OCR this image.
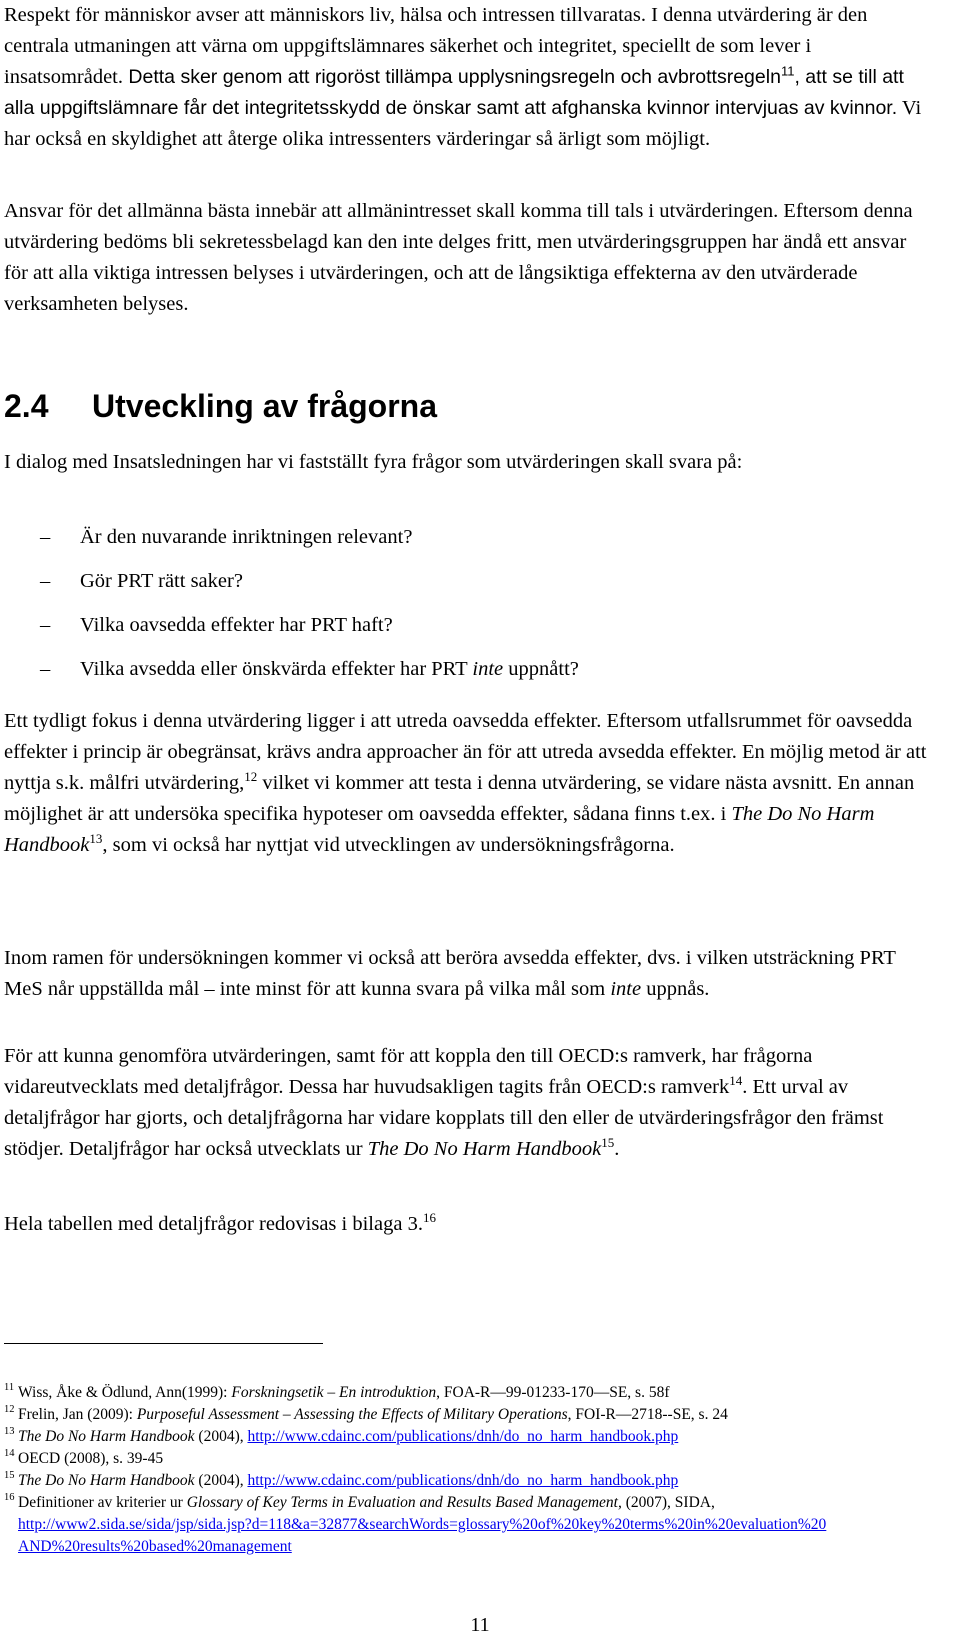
Respekt för människor avser att människors liv, hälsa och intressen tillvaratas. I denna utvärdering är den centrala utmaningen att värna om uppgiftslämnares säkerhet och integritet, speciellt de som lever i insatsområdet. Detta sker genom att rigoröst tillämpa upplysningsregeln och avbrottsregeln$^{11}$, att se till att alla uppgiftslämnare får det integritetsskydd de önskar samt att afghanska kvinnor intervjuas av kvinnor. Vi har också en skyldighet att återge olika intressenters värderingar så ärligt som möjligt.

Ansvar för det allmänna bästa innebär att allmänintresset skall komma till tals i utvärderingen. Eftersom denna utvärdering bedöms bli sekretessbelagd kan den inte delges fritt, men utvärderingsgruppen har ändå ett ansvar för att alla viktiga intressen belyses i utvärderingen, och att de långsiktiga effekterna av den utvärderade verksamheten belyses.

2.4 Utveckling av frågorna

I dialog med Insatsledningen har vi fastställt fyra frågor som utvärderingen skall svara på:

– Är den nuvarande inriktningen relevant?
– Gör PRT rätt saker?
– Vilka oavsedda effekter har PRT haft?
– Vilka avsedda eller önskvärda effekter har PRT inte uppnått?

Ett tydligt fokus i denna utvärdering ligger i att utreda oavsedda effekter. Eftersom utfallsrummet för oavsedda effekter i princip är obegränsat, krävs andra approacher än för att utreda avsedda effekter. En möjlig metod är att nyttja s.k. målfri utvärdering,$^{12}$ vilket vi kommer att testa i denna utvärdering, se vidare nästa avsnitt. En annan möjlighet är att undersöka specifika hypoteser om oavsedda effekter, sådana finns t.ex. i The Do No Harm Handbook$^{13}$, som vi också har nyttjat vid utvecklingen av undersökningsfrågorna.

Inom ramen för undersökningen kommer vi också att beröra avsedda effekter, dvs. i vilken utsträckning PRT MeS når uppställda mål – inte minst för att kunna svara på vilka mål som inte uppnås.

För att kunna genomföra utvärderingen, samt för att koppla den till OECD:s ramverk, har frågorna vidareutvecklats med detaljfrågor. Dessa har huvudsakligen tagits från OECD:s ramverk$^{14}$. Ett urval av detaljfrågor har gjorts, och detaljfrågorna har vidare kopplats till den eller de utvärderingsfrågor den främst stödjer. Detaljfrågor har också utvecklats ur The Do No Harm Handbook$^{15}$.

Hela tabellen med detaljfrågor redovisas i bilaga 3.16

11 Wiss, Åke & Ödlund, Ann(1999): Forskningsetik – En introduktion, FOA-R—99-01233-170—SE, s. 58f
12 Frelin, Jan (2009): Purposeful Assessment – Assessing the Effects of Military Operations, FOI-R—2718--SE, s. 24
13 The Do No Harm Handbook (2004), http://www.cdainc.com/publications/dnh/do_no_harm_handbook.php
14 OECD (2008), s. 39-45
15 The Do No Harm Handbook (2004), http://www.cdainc.com/publications/dnh/do_no_harm_handbook.php
16 Definitioner av kriterier ur Glossary of Key Terms in Evaluation and Results Based Management, (2007), SIDA,
http://www2.sida.se/sida/jsp/sida.jsp?d=118&a=32877&searchWords=glossary%20of%20key%20terms%20in%20evaluation%20
AND%20results%20based%20management
11
